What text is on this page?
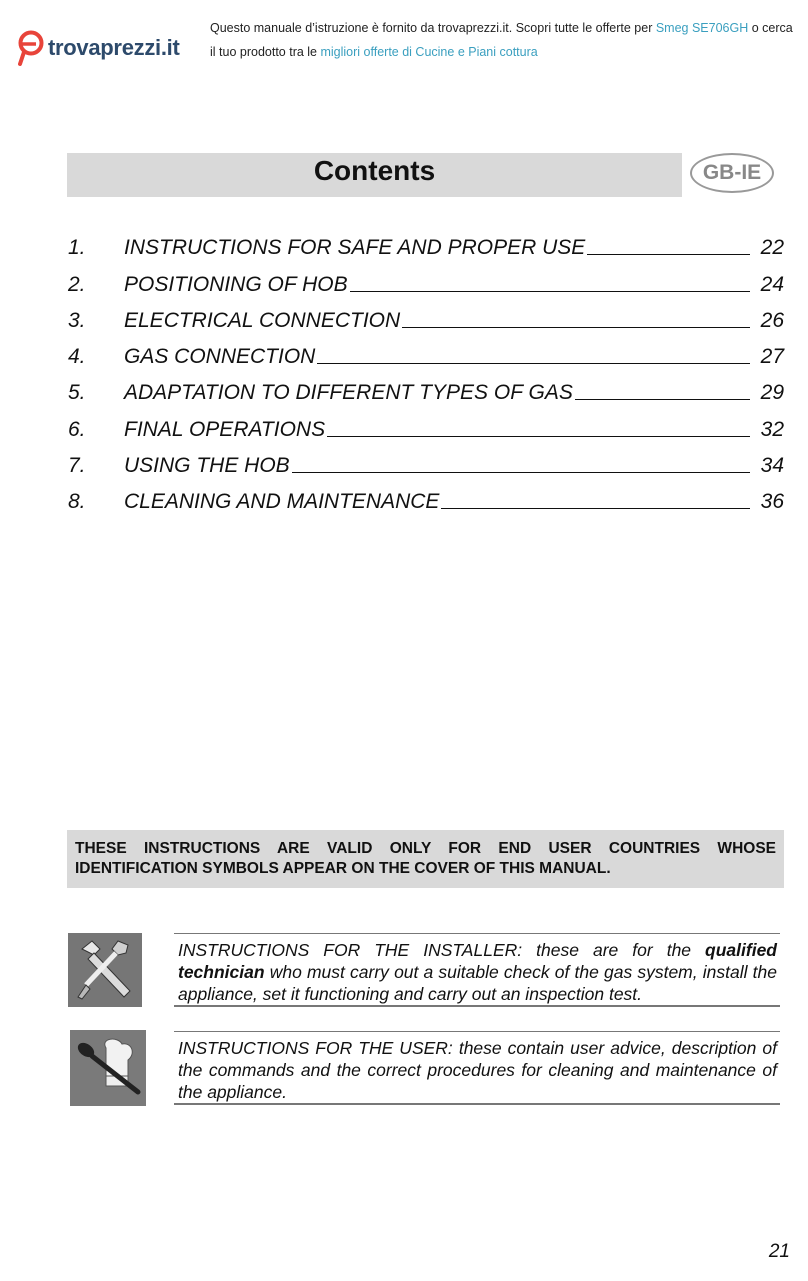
trovaprezzi.it
Questo manuale d’istruzione è fornito da trovaprezzi.it. Scopri tutte le offerte per Smeg SE706GH o cerca
il tuo prodotto tra le migliori offerte di Cucine e Piani cottura
Contents	GB-IE
1.	INSTRUCTIONS FOR SAFE AND PROPER USE	22
2.	POSITIONING OF HOB	24
3.	ELECTRICAL CONNECTION	26
4.	GAS CONNECTION	27
5.	ADAPTATION TO DIFFERENT TYPES OF GAS	29
6.	FINAL OPERATIONS	32
7.	USING THE HOB	34
8.	CLEANING AND MAINTENANCE	36
THESE INSTRUCTIONS ARE VALID ONLY FOR END USER COUNTRIES WHOSE IDENTIFICATION SYMBOLS APPEAR ON THE COVER OF THIS MANUAL.
INSTRUCTIONS FOR THE INSTALLER: these are for the qualified technician who must carry out a suitable check of the gas system, install the appliance, set it functioning and carry out an inspection test.
INSTRUCTIONS FOR THE USER: these contain user advice, description of the commands and the correct procedures for cleaning and maintenance of the appliance.
21
